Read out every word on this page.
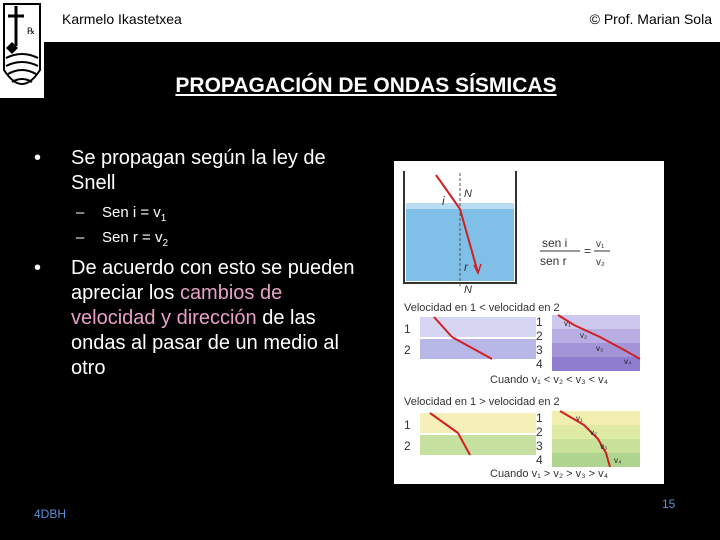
℞
Karmelo Ikastetxea	© Prof. Marian Sola
PROPAGACIÓN DE ONDAS SÍSMICAS
• Se propagan según la ley de Snell
– Sen $i = v_1$
– Sen $r = v_2$
• De acuerdo con esto se pueden apreciar los cambios de velocidad y dirección de las ondas al pasar de un medio al otro
N
i
r
N
sen i
sen r
= v₁
v₂
Velocidad en 1 < velocidad en 2
1
2
1
2
3
4
v₁
v₂
v₃
v₄
Cuando v₁ < v₂ < v₃ < v₄
Velocidad en 1 > velocidad en 2
1
2
1
2
3
4
v₁
v₂
v₃
v₄
Cuando v₁ > v₂ > v₃ > v₄
4DBH
15
